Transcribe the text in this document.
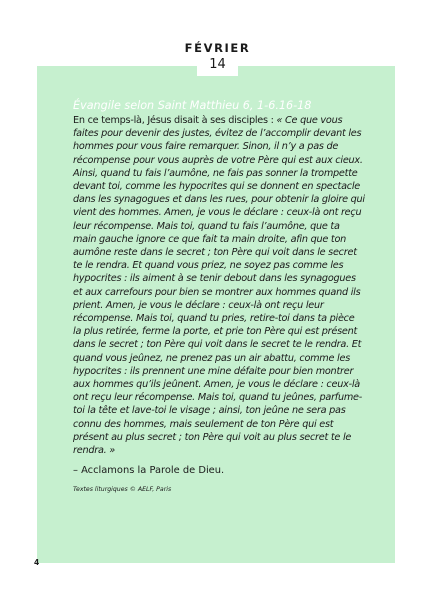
FÉVRIER
14
Évangile selon Saint Matthieu 6, 1-6.16-18

En ce temps-là, Jésus disait à ses disciples : « Ce que vous faites pour devenir des justes, évitez de l’accomplir devant les hommes pour vous faire remarquer. Sinon, il n’y a pas de récompense pour vous auprès de votre Père qui est aux cieux. Ainsi, quand tu fais l’aumône, ne fais pas sonner la trompette devant toi, comme les hypocrites qui se donnent en spectacle dans les synagogues et dans les rues, pour obtenir la gloire qui vient des hommes. Amen, je vous le déclare : ceux-là ont reçu leur récompense. Mais toi, quand tu fais l’aumône, que ta main gauche ignore ce que fait ta main droite, afin que ton aumône reste dans le secret ; ton Père qui voit dans le secret te le rendra. Et quand vous priez, ne soyez pas comme les hypocrites : ils aiment à se tenir debout dans les synagogues et aux carrefours pour bien se montrer aux hommes quand ils prient. Amen, je vous le déclare : ceux-là ont reçu leur récompense. Mais toi, quand tu pries, retire-toi dans ta pièce la plus retirée, ferme la porte, et prie ton Père qui est présent dans le secret ; ton Père qui voit dans le secret te le rendra. Et quand vous jeûnez, ne prenez pas un air abattu, comme les hypocrites : ils prennent une mine défaite pour bien montrer aux hommes qu’ils jeûnent. Amen, je vous le déclare : ceux-là ont reçu leur récompense. Mais toi, quand tu jeûnes, parfume-toi la tête et lave-toi le visage ; ainsi, ton jeûne ne sera pas connu des hommes, mais seulement de ton Père qui est présent au plus secret ; ton Père qui voit au plus secret te le rendra. »

– Acclamons la Parole de Dieu.
Textes liturgiques © AELF, Paris
4
